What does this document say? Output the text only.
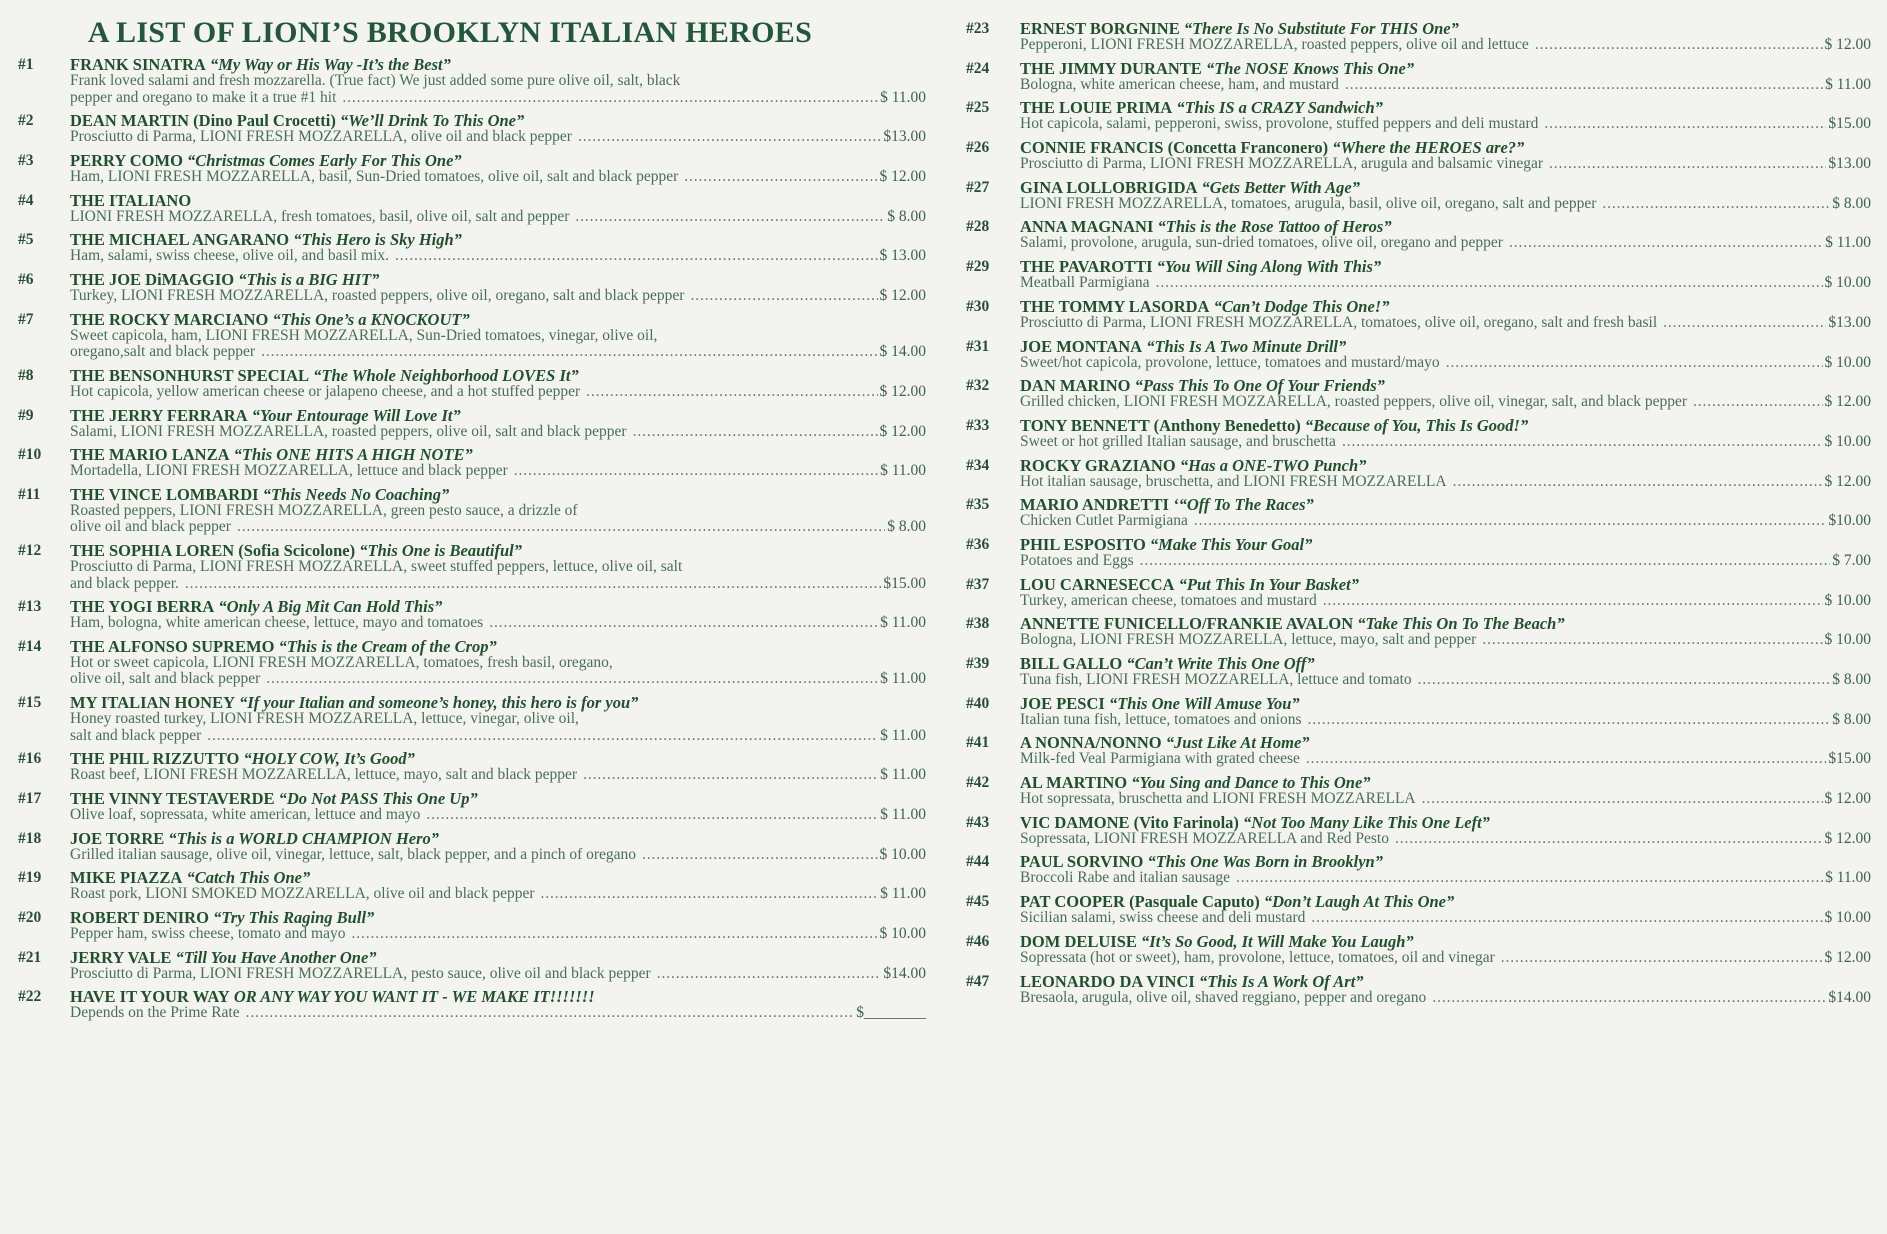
A LIST OF LIONI’S BROOKLYN ITALIAN HEROES
#1	FRANK SINATRA “My Way or His Way -It’s the Best”
Frank loved salami and fresh mozzarella. (True fact) We just added some pure olive oil, salt, black
pepper and oregano to make it a true #1 hit . . .	$ 11.00
#2	DEAN MARTIN (Dino Paul Crocetti) “We’ll Drink To This One”
Prosciutto di Parma, LIONI FRESH MOZZARELLA, olive oil and black pepper . . .	$13.00
#3	PERRY COMO “Christmas Comes Early For This One”
Ham, LIONI FRESH MOZZARELLA, basil, Sun-Dried tomatoes, olive oil, salt and black pepper . . .	$ 12.00
#4	THE ITALIANO
LIONI FRESH MOZZARELLA, fresh tomatoes, basil, olive oil, salt and pepper . . .	$ 8.00
#5	THE MICHAEL ANGARANO “This Hero is Sky High”
Ham, salami, swiss cheese, olive oil, and basil mix. . . .	$ 13.00
#6	THE JOE DiMAGGIO “This is a BIG HIT”
Turkey, LIONI FRESH MOZZARELLA, roasted peppers, olive oil, oregano, salt and black pepper . . .	$ 12.00
#7	THE ROCKY MARCIANO “This One’s a KNOCKOUT”
Sweet capicola, ham, LIONI FRESH MOZZARELLA, Sun-Dried tomatoes, vinegar, olive oil,
oregano,salt and black pepper . . .	$ 14.00
#8	THE BENSONHURST SPECIAL “The Whole Neighborhood LOVES It”
Hot capicola, yellow american cheese or jalapeno cheese, and a hot stuffed pepper . . .	$ 12.00
#9	THE JERRY FERRARA “Your Entourage Will Love It”
Salami, LIONI FRESH MOZZARELLA, roasted peppers, olive oil, salt and black pepper . . .	$ 12.00
#10	THE MARIO LANZA “This ONE HITS A HIGH NOTE”
Mortadella, LIONI FRESH MOZZARELLA, lettuce and black pepper . . .	$ 11.00
#11	THE VINCE LOMBARDI “This Needs No Coaching”
Roasted peppers, LIONI FRESH MOZZARELLA, green pesto sauce, a drizzle of
olive oil and black pepper . . .	$ 8.00
#12	THE SOPHIA LOREN (Sofia Scicolone) “This One is Beautiful”
Prosciutto di Parma, LIONI FRESH MOZZARELLA, sweet stuffed peppers, lettuce, olive oil, salt
and black pepper. . . .	$15.00
#13	THE YOGI BERRA “Only A Big Mit Can Hold This”
Ham, bologna, white american cheese, lettuce, mayo and tomatoes . . .	$ 11.00
#14	THE ALFONSO SUPREMO “This is the Cream of the Crop”
Hot or sweet capicola, LIONI FRESH MOZZARELLA, tomatoes, fresh basil, oregano,
olive oil, salt and black pepper . . .	$ 11.00
#15	MY ITALIAN HONEY “If your Italian and someone’s honey, this hero is for you”
Honey roasted turkey, LIONI FRESH MOZZARELLA, lettuce, vinegar, olive oil,
salt and black pepper . . .	$ 11.00
#16	THE PHIL RIZZUTTO “HOLY COW, It’s Good”
Roast beef, LIONI FRESH MOZZARELLA, lettuce, mayo, salt and black pepper . . .	$ 11.00
#17	THE VINNY TESTAVERDE “Do Not PASS This One Up”
Olive loaf, sopressata, white american, lettuce and mayo . . .	$ 11.00
#18	JOE TORRE “This is a WORLD CHAMPION Hero”
Grilled italian sausage, olive oil, vinegar, lettuce, salt, black pepper, and a pinch of oregano . . .	$ 10.00
#19	MIKE PIAZZA “Catch This One”
Roast pork, LIONI SMOKED MOZZARELLA, olive oil and black pepper . . .	$ 11.00
#20	ROBERT DENIRO “Try This Raging Bull”
Pepper ham, swiss cheese, tomato and mayo . . .	$ 10.00
#21	JERRY VALE “Till You Have Another One”
Prosciutto di Parma, LIONI FRESH MOZZARELLA, pesto sauce, olive oil and black pepper . . .	$14.00
#22	HAVE IT YOUR WAY OR ANY WAY YOU WANT IT - WE MAKE IT!!!!!!!
Depends on the Prime Rate . . .	$________
#23	ERNEST BORGNINE “There Is No Substitute For THIS One”
Pepperoni, LIONI FRESH MOZZARELLA, roasted peppers, olive oil and lettuce . . .	$ 12.00
#24	THE JIMMY DURANTE “The NOSE Knows This One”
Bologna, white american cheese, ham, and mustard . . .	$ 11.00
#25	THE LOUIE PRIMA “This IS a CRAZY Sandwich”
Hot capicola, salami, pepperoni, swiss, provolone, stuffed peppers and deli mustard . . .	$15.00
#26	CONNIE FRANCIS (Concetta Franconero) “Where the HEROES are?”
Prosciutto di Parma, LIONI FRESH MOZZARELLA, arugula and balsamic vinegar . . .	$13.00
#27	GINA LOLLOBRIGIDA “Gets Better With Age”
LIONI FRESH MOZZARELLA, tomatoes, arugula, basil, olive oil, oregano, salt and pepper . . .	$ 8.00
#28	ANNA MAGNANI “This is the Rose Tattoo of Heros”
Salami, provolone, arugula, sun-dried tomatoes, olive oil, oregano and pepper . . .	$ 11.00
#29	THE PAVAROTTI “You Will Sing Along With This”
Meatball Parmigiana . . .	$ 10.00
#30	THE TOMMY LASORDA “Can’t Dodge This One!”
Prosciutto di Parma, LIONI FRESH MOZZARELLA, tomatoes, olive oil, oregano, salt and fresh basil . . .	$13.00
#31	JOE MONTANA “This Is A Two Minute Drill”
Sweet/hot capicola, provolone, lettuce, tomatoes and mustard/mayo . . .	$ 10.00
#32	DAN MARINO “Pass This To One Of Your Friends”
Grilled chicken, LIONI FRESH MOZZARELLA, roasted peppers, olive oil, vinegar, salt, and black pepper . . .	$ 12.00
#33	TONY BENNETT (Anthony Benedetto) “Because of You, This Is Good!”
Sweet or hot grilled Italian sausage, and bruschetta . . .	$ 10.00
#34	ROCKY GRAZIANO “Has a ONE-TWO Punch”
Hot italian sausage, bruschetta, and LIONI FRESH MOZZARELLA . . .	$ 12.00
#35	MARIO ANDRETTI ‘“Off To The Races”
Chicken Cutlet Parmigiana . . .	$10.00
#36	PHIL ESPOSITO “Make This Your Goal”
Potatoes and Eggs . . .	$ 7.00
#37	LOU CARNESECCA “Put This In Your Basket”
Turkey, american cheese, tomatoes and mustard . . .	$ 10.00
#38	ANNETTE FUNICELLO/FRANKIE AVALON “Take This On To The Beach”
Bologna, LIONI FRESH MOZZARELLA, lettuce, mayo, salt and pepper . . .	$ 10.00
#39	BILL GALLO “Can’t Write This One Off”
Tuna fish, LIONI FRESH MOZZARELLA, lettuce and tomato . . .	$ 8.00
#40	JOE PESCI “This One Will Amuse You”
Italian tuna fish, lettuce, tomatoes and onions . . .	$ 8.00
#41	A NONNA/NONNO “Just Like At Home”
Milk-fed Veal Parmigiana with grated cheese . . .	$15.00
#42	AL MARTINO “You Sing and Dance to This One”
Hot sopressata, bruschetta and LIONI FRESH MOZZARELLA . . .	$ 12.00
#43	VIC DAMONE (Vito Farinola) “Not Too Many Like This One Left”
Sopressata, LIONI FRESH MOZZARELLA and Red Pesto . . .	$ 12.00
#44	PAUL SORVINO “This One Was Born in Brooklyn”
Broccoli Rabe and italian sausage . . .	$ 11.00
#45	PAT COOPER (Pasquale Caputo) “Don’t Laugh At This One”
Sicilian salami, swiss cheese and deli mustard . . .	$ 10.00
#46	DOM DELUISE “It’s So Good, It Will Make You Laugh”
Sopressata (hot or sweet), ham, provolone, lettuce, tomatoes, oil and vinegar . . .	$ 12.00
#47	LEONARDO DA VINCI “This Is A Work Of Art”
Bresaola, arugula, olive oil, shaved reggiano, pepper and oregano . . .	$14.00
